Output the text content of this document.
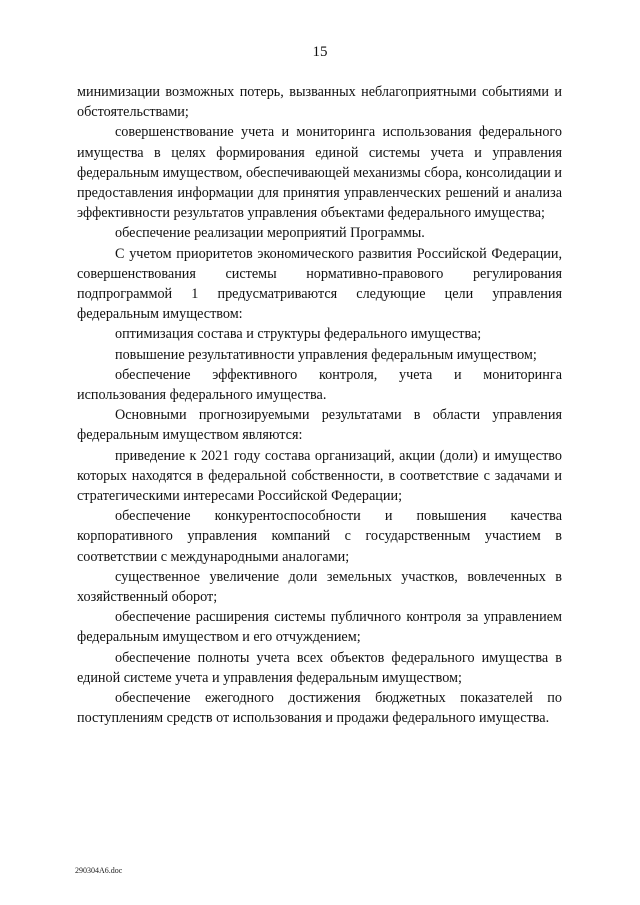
15

минимизации возможных потерь, вызванных неблагоприятными событиями и обстоятельствами;

совершенствование учета и мониторинга использования федерального имущества в целях формирования единой системы учета и управления федеральным имуществом, обеспечивающей механизмы сбора, консолидации и предоставления информации для принятия управленческих решений и анализа эффективности результатов управления объектами федерального имущества;

обеспечение реализации мероприятий Программы.

С учетом приоритетов экономического развития Российской Федерации, совершенствования системы нормативно-правового регулирования подпрограммой 1 предусматриваются следующие цели управления федеральным имуществом:

оптимизация состава и структуры федерального имущества;

повышение результативности управления федеральным имуществом;

обеспечение эффективного контроля, учета и мониторинга использования федерального имущества.

Основными прогнозируемыми результатами в области управления федеральным имуществом являются:

приведение к 2021 году состава организаций, акции (доли) и имущество которых находятся в федеральной собственности, в соответствие с задачами и стратегическими интересами Российской Федерации;

обеспечение конкурентоспособности и повышения качества корпоративного управления компаний с государственным участием в соответствии с международными аналогами;

существенное увеличение доли земельных участков, вовлеченных в хозяйственный оборот;

обеспечение расширения системы публичного контроля за управлением федеральным имуществом и его отчуждением;

обеспечение полноты учета всех объектов федерального имущества в единой системе учета и управления федеральным имуществом;

обеспечение ежегодного достижения бюджетных показателей по поступлениям средств от использования и продажи федерального имущества.

290304A6.doc
